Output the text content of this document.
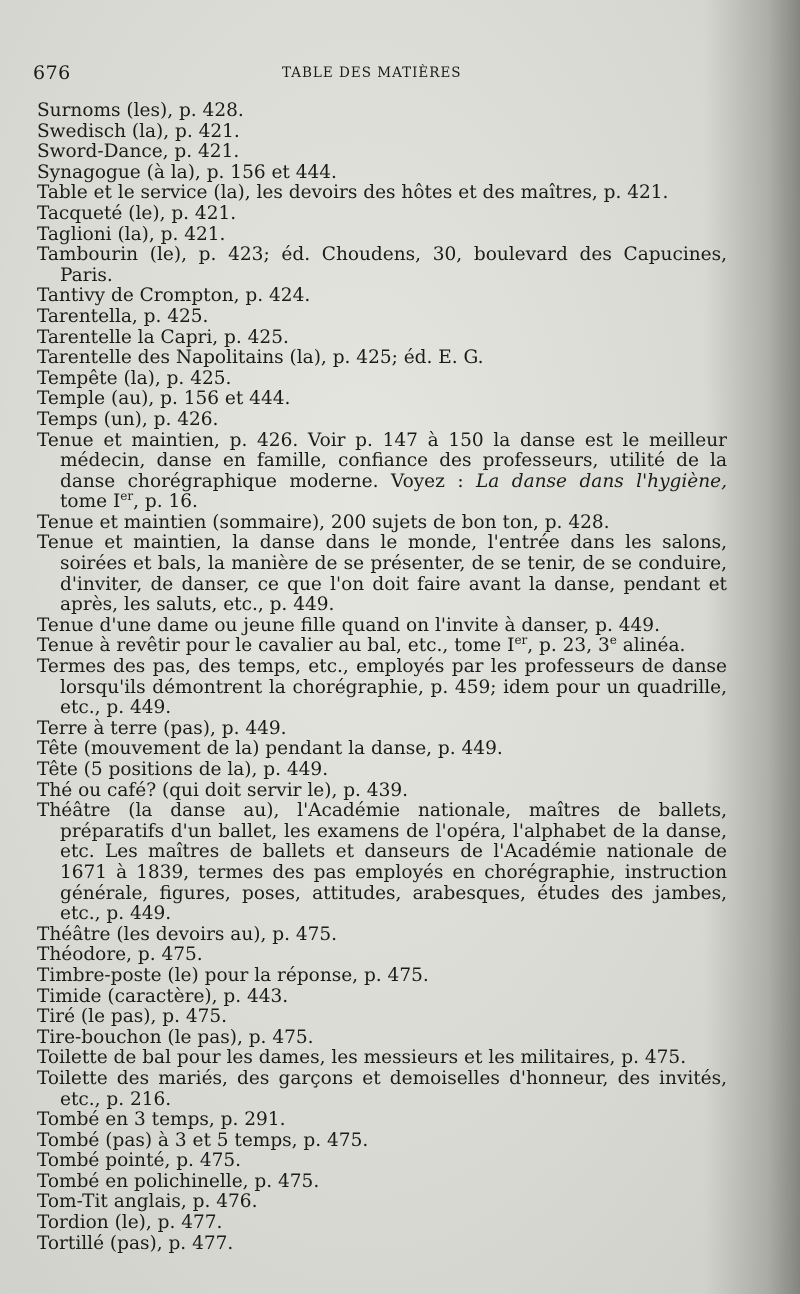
676	TABLE DES MATIÈRES
Surnoms (les), p. 428.
Swedisch (la), p. 421.
Sword-Dance, p. 421.
Synagogue (à la), p. 156 et 444.
Table et le service (la), les devoirs des hôtes et des maîtres, p. 421.
Tacqueté (le), p. 421.
Taglioni (la), p. 421.
Tambourin (le), p. 423; éd. Choudens, 30, boulevard des Capucines, Paris.
Tantivy de Crompton, p. 424.
Tarentella, p. 425.
Tarentelle la Capri, p. 425.
Tarentelle des Napolitains (la), p. 425; éd. E. G.
Tempête (la), p. 425.
Temple (au), p. 156 et 444.
Temps (un), p. 426.
Tenue et maintien, p. 426. Voir p. 147 à 150 la danse est le meilleur médecin, danse en famille, confiance des professeurs, utilité de la danse chorégraphique moderne. Voyez : La danse dans l'hygiène, tome Ier, p. 16.
Tenue et maintien (sommaire), 200 sujets de bon ton, p. 428.
Tenue et maintien, la danse dans le monde, l'entrée dans les salons, soirées et bals, la manière de se présenter, de se tenir, de se conduire, d'inviter, de danser, ce que l'on doit faire avant la danse, pendant et après, les saluts, etc., p. 449.
Tenue d'une dame ou jeune fille quand on l'invite à danser, p. 449.
Tenue à revêtir pour le cavalier au bal, etc., tome Ier, p. 23, 3e alinéa.
Termes des pas, des temps, etc., employés par les professeurs de danse lorsqu'ils démontrent la chorégraphie, p. 459; idem pour un quadrille, etc., p. 449.
Terre à terre (pas), p. 449.
Tête (mouvement de la) pendant la danse, p. 449.
Tête (5 positions de la), p. 449.
Thé ou café? (qui doit servir le), p. 439.
Théâtre (la danse au), l'Académie nationale, maîtres de ballets, préparatifs d'un ballet, les examens de l'opéra, l'alphabet de la danse, etc. Les maîtres de ballets et danseurs de l'Académie nationale de 1671 à 1839, termes des pas employés en chorégraphie, instruction générale, figures, poses, attitudes, arabesques, études des jambes, etc., p. 449.
Théâtre (les devoirs au), p. 475.
Théodore, p. 475.
Timbre-poste (le) pour la réponse, p. 475.
Timide (caractère), p. 443.
Tiré (le pas), p. 475.
Tire-bouchon (le pas), p. 475.
Toilette de bal pour les dames, les messieurs et les militaires, p. 475.
Toilette des mariés, des garçons et demoiselles d'honneur, des invités, etc., p. 216.
Tombé en 3 temps, p. 291.
Tombé (pas) à 3 et 5 temps, p. 475.
Tombé pointé, p. 475.
Tombé en polichinelle, p. 475.
Tom-Tit anglais, p. 476.
Tordion (le), p. 477.
Tortillé (pas), p. 477.
